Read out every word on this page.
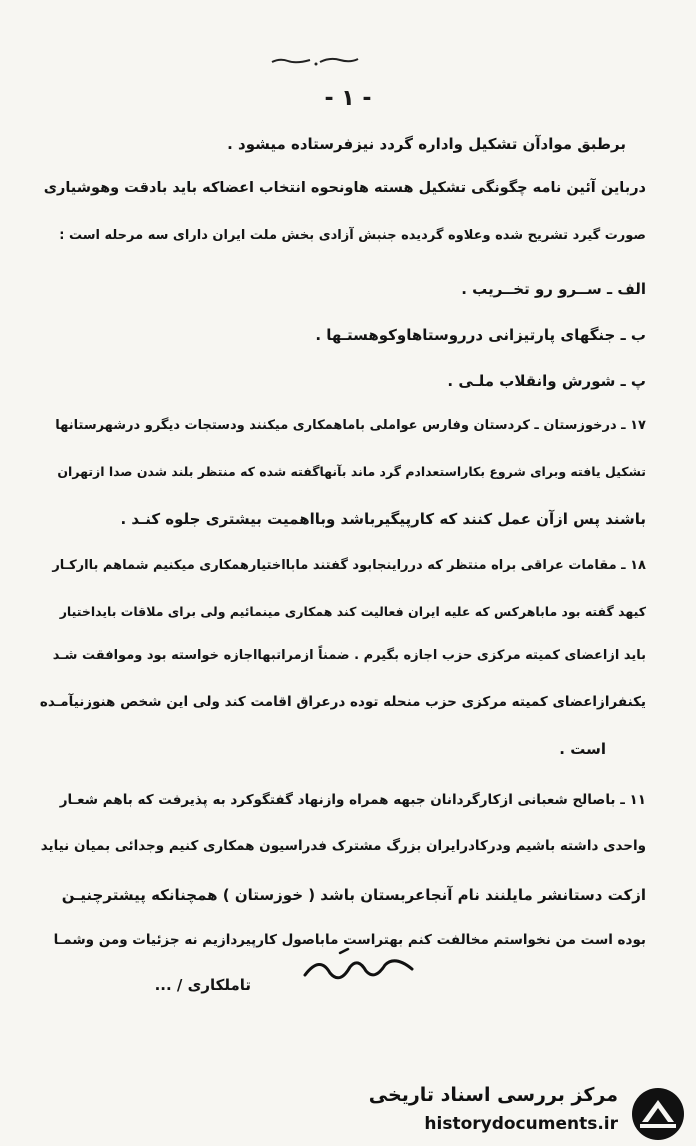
- ١ -
برطبق موادآن تشکیل واداره گردد نیزفرستاده میشود .
درباین آئین نامه چگونگی تشکیل هسته هاونحوه انتخاب اعضاکه باید بادقت وهوشیاری
صورت گیرد تشریح شده وعلاوه گردیده جنبش آزادی بخش ملت ایران دارای سه مرحله است :
الف ـ ســرو رو تخــریب .
ب ـ جنگهای پارتیزانی درروستاهاوکوهستـها .
پ ـ شورش وانقلاب ملـی .
١٧ ـ درخوزستان ـ کردستان وفارس عواملی باماهمکاری میکنند ودستجات دیگرو درشهرستانها
تشکیل یافته وبرای شروع بکاراستعدادم گرد ماند بآنهاگفته شده که منتظر بلند شدن صدا ازتهران
باشند پس ازآن عمل کنند که کارپیگیرباشد وبااهمیت بیشتری جلوه کنـد .
١٨ ـ مقامات عراقی براه منتظر که درراینجابود گفتند مابااختیارهمکاری میکنیم شماهم باارکـار
کیهد گفته بود ماباهرکس که علیه ایران فعالیت کند همکاری مینمائیم ولی برای ملاقات بایداختیار
باید ازاعضای کمیته مرکزی حزب اجازه بگیرم . ضمناً ازمراتبهااجازه خواسته بود وموافقت شـد
یکنفرازاعضای کمیته مرکزی حزب منحله توده درعراق اقامت کند ولی این شخص هنوزنیآمـده
است .
١١ ـ باصالح شعبانی ازکارگردانان جبهه همراه وازنهاد گفتگوکرد به پذیرفت که باهم شعـار
واحدی داشته باشیم ودرکادرایران بزرگ مشترک فدراسیون همکاری کنیم وجدائی بمیان نیاید
ازکت دستانشر مایلنند نام آنجاعربستان باشد ( خوزستان ) همچنانکه پیشترچنیـن
بوده است من نخواستم مخالفت کنم بهتراست ماباصول کارپیردازیم نه جزئیات ومن وشمـا
تاملکاری / ...
مرکز بررسی اسناد تاریخی
historydocuments.ir
